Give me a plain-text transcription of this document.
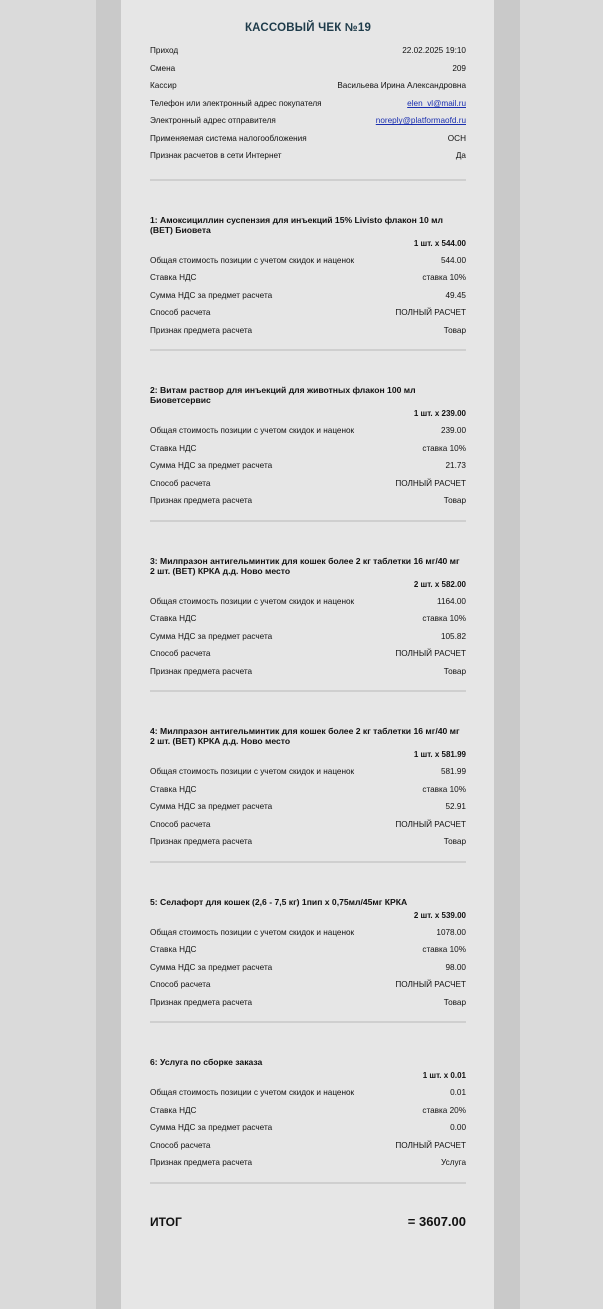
КАССОВЫЙ ЧЕК №19
Приход	22.02.2025 19:10
Смена	209
Кассир	Васильева Ирина Александровна
Телефон или электронный адрес покупателя	elen_vl@mail.ru
Электронный адрес отправителя	noreply@platformaofd.ru
Применяемая система налогообложения	ОСН
Признак расчетов в сети Интернет	Да
1: Амоксициллин суспензия для инъекций 15% Livisto флакон 10 мл (ВЕТ) Биовета
1 шт. x 544.00
Общая стоимость позиции с учетом скидок и наценок	544.00
Ставка НДС	ставка 10%
Сумма НДС за предмет расчета	49.45
Способ расчета	ПОЛНЫЙ РАСЧЕТ
Признак предмета расчета	Товар
2: Витам раствор для инъекций для животных флакон 100 мл Биоветсервис
1 шт. x 239.00
Общая стоимость позиции с учетом скидок и наценок	239.00
Ставка НДС	ставка 10%
Сумма НДС за предмет расчета	21.73
Способ расчета	ПОЛНЫЙ РАСЧЕТ
Признак предмета расчета	Товар
3: Милпразон антигельминтик для кошек более 2 кг таблетки 16 мг/40 мг 2 шт. (ВЕТ) КРКА д.д. Ново место
2 шт. x 582.00
Общая стоимость позиции с учетом скидок и наценок	1164.00
Ставка НДС	ставка 10%
Сумма НДС за предмет расчета	105.82
Способ расчета	ПОЛНЫЙ РАСЧЕТ
Признак предмета расчета	Товар
4: Милпразон антигельминтик для кошек более 2 кг таблетки 16 мг/40 мг 2 шт. (ВЕТ) КРКА д.д. Ново место
1 шт. x 581.99
Общая стоимость позиции с учетом скидок и наценок	581.99
Ставка НДС	ставка 10%
Сумма НДС за предмет расчета	52.91
Способ расчета	ПОЛНЫЙ РАСЧЕТ
Признак предмета расчета	Товар
5: Селафорт для кошек (2,6 - 7,5 кг) 1пип х 0,75мл/45мг КРКА
2 шт. x 539.00
Общая стоимость позиции с учетом скидок и наценок	1078.00
Ставка НДС	ставка 10%
Сумма НДС за предмет расчета	98.00
Способ расчета	ПОЛНЫЙ РАСЧЕТ
Признак предмета расчета	Товар
6: Услуга по сборке заказа
1 шт. x 0.01
Общая стоимость позиции с учетом скидок и наценок	0.01
Ставка НДС	ставка 20%
Сумма НДС за предмет расчета	0.00
Способ расчета	ПОЛНЫЙ РАСЧЕТ
Признак предмета расчета	Услуга
ИТОГ	= 3607.00
